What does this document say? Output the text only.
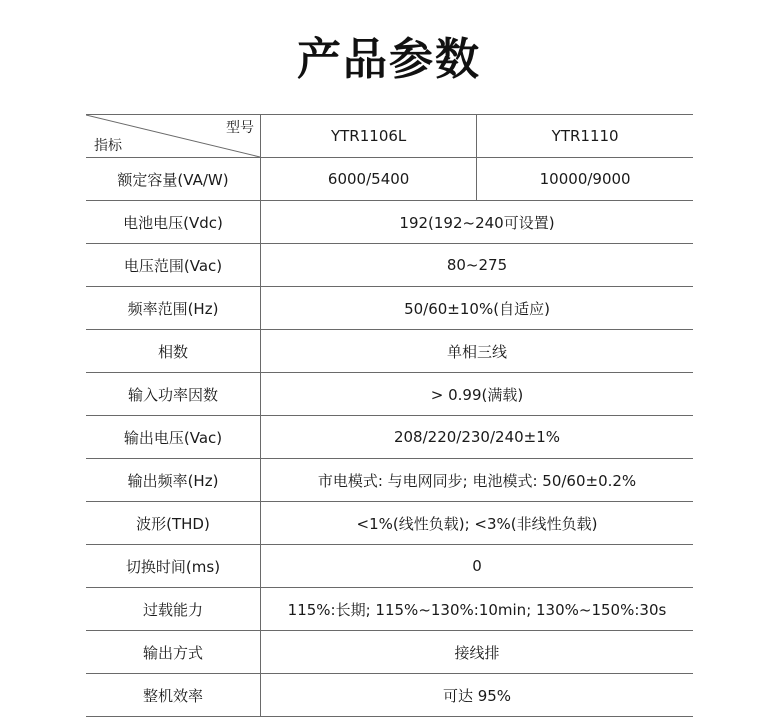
产品参数
型号
指标	YTR1106L	YTR1110
额定容量(VA/W)	6000/5400	10000/9000
电池电压(Vdc)	192(192~240可设置)	
电压范围(Vac)	80~275	
频率范围(Hz)	50/60±10%(自适应)	
相数	单相三线	
输入功率因数	> 0.99(满载)	
输出电压(Vac)	208/220/230/240±1%	
输出频率(Hz)	市电模式: 与电网同步; 电池模式: 50/60±0.2%	
波形(THD)	<1%(线性负载); <3%(非线性负载)	
切换时间(ms)	0	
过载能力	115%:长期; 115%~130%:10min; 130%~150%:30s	
输出方式	接线排	
整机效率	可达 95%	
